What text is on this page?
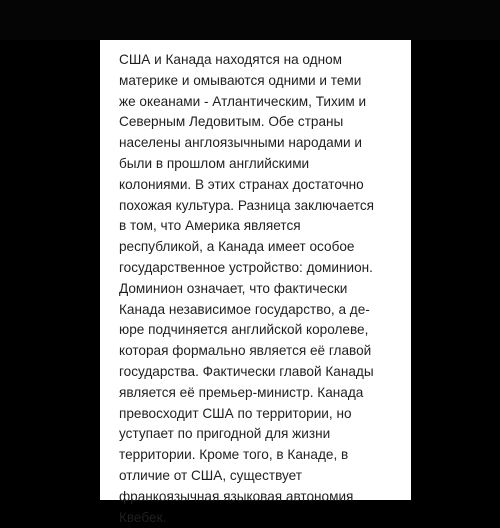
США и Канада находятся на одном
материке и омываются одними и теми
же океанами - Атлантическим, Тихим и
Северным Ледовитым. Обе страны
населены англоязычными народами и
были в прошлом английскими
колониями. В этих странах достаточно
похожая культура. Разница заключается
в том, что Америка является
республикой, а Канада имеет особое
государственное устройство: доминион.
Доминион означает, что фактически
Канада независимое государство, а де-
юре подчиняется английской королеве,
которая формально является её главой
государства. Фактически главой Канады
является её премьер-министр. Канада
превосходит США по территории, но
уступает по пригодной для жизни
территории. Кроме того, в Канаде, в
отличие от США, существует
франкоязычная языковая автономия
Квебек.
